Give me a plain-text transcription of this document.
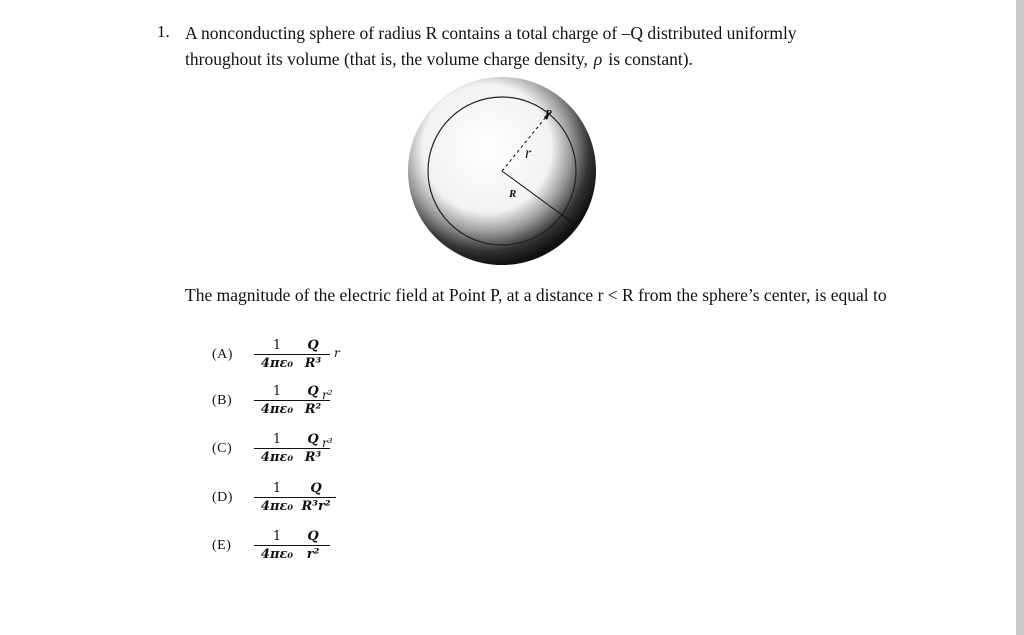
1. A nonconducting sphere of radius R contains a total charge of –Q distributed uniformly
throughout its volume (that is, the volume charge density, ρ is constant).
P
r
R
The magnitude of the electric field at Point P, at a distance r < R from the sphere’s center, is equal to
(A)
1
4πε₀
Q
R³
r
(B)
1
4πε₀
Q
R²
r²
(C)
1
4πε₀
Q
R³
r³
(D)
1
4πε₀
Q
R³r²
(E)
1
4πε₀
Q
r²
